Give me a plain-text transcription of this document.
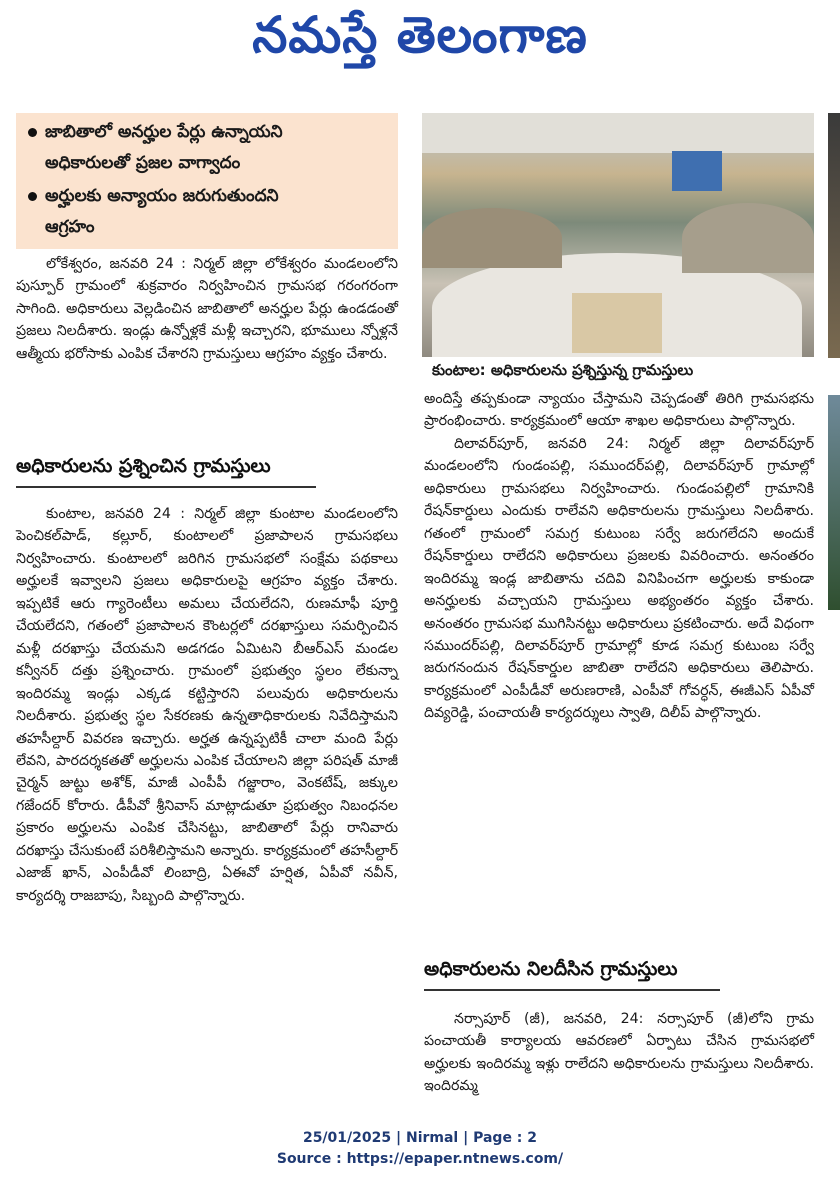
నమస్తే తెలంగాణ
జాబితాలో అనర్హుల పేర్లు ఉన్నాయని
అధికారులతో ప్రజల వాగ్వాదం
అర్హులకు అన్యాయం జరుగుతుందని
ఆగ్రహం

లోకేశ్వరం, జనవరి 24 : నిర్మల్ జిల్లా లోకేశ్వరం మండలంలోని పుస్పూర్ గ్రామంలో శుక్రవారం నిర్వహించిన గ్రామసభ గరంగరంగా సాగింది. అధికారులు వెల్లడించిన జాబితాలో అనర్హుల పేర్లు ఉండడంతో ప్రజలు నిలదీశారు. ఇండ్లు ఉన్నోళ్లకే మళ్లీ ఇచ్చారని, భూములు న్నోళ్లనే ఆత్మీయ భరోసాకు ఎంపిక చేశారని గ్రామస్తులు ఆగ్రహం వ్యక్తం చేశారు.

అధికారులను ప్రశ్నించిన గ్రామస్తులు

కుంటాల, జనవరి 24 : నిర్మల్ జిల్లా కుంటాల మండలంలోని పెంచికల్‌పాడ్, కల్లూర్, కుంటాలలో ప్రజాపాలన గ్రామసభలు నిర్వహించారు. కుంటాలలో జరిగిన గ్రామసభలో సంక్షేమ పథకాలు అర్హులకే ఇవ్వాలని ప్రజలు అధికారులపై ఆగ్రహం వ్యక్తం చేశారు. ఇప్పటికే ఆరు గ్యారెంటీలు అమలు చేయలేదని, రుణమాఫీ పూర్తి చేయలేదని, గతంలో ప్రజాపాలన కౌంటర్లలో దరఖాస్తులు సమర్పించిన మళ్లీ దరఖాస్తు చేయమని అడగడం ఏమిటని బీఆర్‌ఎస్ మండల కన్వీనర్ దత్తు ప్రశ్నించారు. గ్రామంలో ప్రభుత్వం స్థలం లేకున్నా ఇందిరమ్మ ఇండ్లు ఎక్కడ కట్టిస్తారని పలువురు అధికారులను నిలదీశారు. ప్రభుత్వ స్థల సేకరణకు ఉన్నతాధికారులకు నివేదిస్తామని తహసీల్దార్ వివరణ ఇచ్చారు. అర్హత ఉన్నప్పటికీ చాలా మంది పేర్లు లేవని, పారదర్శకతతో అర్హులను ఎంపిక చేయాలని జిల్లా పరిషత్ మాజీ చైర్మన్ జుట్టు అశోక్, మాజీ ఎంపీపీ గజ్జారాం, వెంకటేష్, జక్కుల గజేందర్ కోరారు. డీపీవో శ్రీనివాస్ మాట్లాడుతూ ప్రభుత్వం నిబంధనల ప్రకారం అర్హులను ఎంపిక చేసినట్టు, జాబితాలో పేర్లు రానివారు దరఖాస్తు చేసుకుంటే పరిశీలిస్తామని అన్నారు. కార్యక్రమంలో తహసీల్దార్ ఎజాజ్ ఖాన్, ఎంపీడీవో లింబాద్రి, ఏఈవో హర్షిత, ఏపీవో నవీన్, కార్యదర్శి రాజబాపు, సిబ్బంది పాల్గొన్నారు.

కుంటాల: అధికారులను ప్రశ్నిస్తున్న గ్రామస్తులు

అందిస్తే తప్పకుండా న్యాయం చేస్తామని చెప్పడంతో తిరిగి గ్రామసభను ప్రారంభించారు. కార్యక్రమంలో ఆయా శాఖల అధికారులు పాల్గొన్నారు.

దిలావర్‌పూర్, జనవరి 24: నిర్మల్ జిల్లా దిలావర్‌పూర్ మండలంలోని గుండంపల్లి, సముందర్‌పల్లి, దిలావర్‌పూర్ గ్రామాల్లో అధికారులు గ్రామసభలు నిర్వహించారు. గుండంపల్లిలో గ్రామానికి రేషన్‌కార్డులు ఎందుకు రాలేవని అధికారులను గ్రామస్తులు నిలదీశారు. గతంలో గ్రామంలో సమగ్ర కుటుంబ సర్వే జరుగలేదని అందుకే రేషన్‌కార్డులు రాలేదని అధికారులు ప్రజలకు వివరించారు. అనంతరం ఇందిరమ్మ ఇండ్ల జాబితాను చదివి వినిపించగా అర్హులకు కాకుండా అనర్హులకు వచ్చాయని గ్రామస్తులు అభ్యంతరం వ్యక్తం చేశారు. అనంతరం గ్రామసభ ముగిసినట్టు అధికారులు ప్రకటించారు. అదే విధంగా సముందర్‌పల్లి, దిలావర్‌పూర్ గ్రామాల్లో కూడ సమగ్ర కుటుంబ సర్వే జరుగనందున రేషన్‌కార్డుల జాబితా రాలేదని అధికారులు తెలిపారు. కార్యక్రమంలో ఎంపీడీవో అరుణరాణి, ఎంపీవో గోవర్ధన్, ఈజీఎస్ ఏపీవో దివ్యరెడ్డి, పంచాయతీ కార్యదర్శులు స్వాతి, దిలీప్ పాల్గొన్నారు.

అధికారులను నిలదీసిన గ్రామస్తులు

నర్సాపూర్ (జీ), జనవరి, 24: నర్సాపూర్ (జీ)లోని గ్రామ పంచాయతీ కార్యాలయ ఆవరణలో ఏర్పాటు చేసిన గ్రామసభలో అర్హులకు ఇందిరమ్మ ఇళ్లు రాలేదని అధికారులను గ్రామస్తులు నిలదీశారు. ఇందిరమ్మ

25/01/2025 | Nirmal | Page : 2
Source : https://epaper.ntnews.com/
